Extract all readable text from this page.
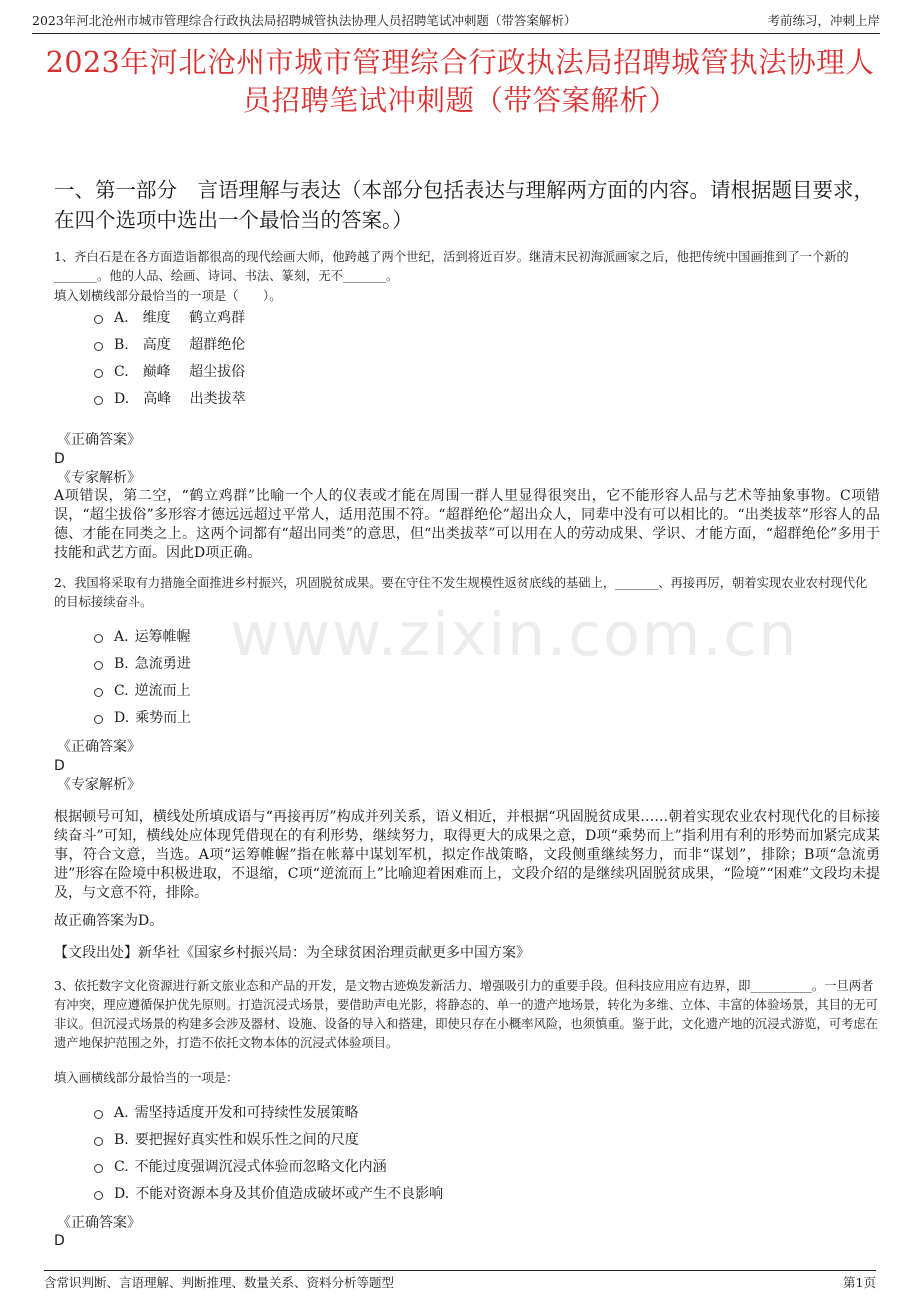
2023年河北沧州市城市管理综合行政执法局招聘城管执法协理人员招聘笔试冲刺题（带答案解析）	考前练习，冲刺上岸
2023年河北沧州市城市管理综合行政执法局招聘城管执法协理人员招聘笔试冲刺题（带答案解析）
一、第一部分　言语理解与表达（本部分包括表达与理解两方面的内容。请根据题目要求，在四个选项中选出一个最恰当的答案。）
www.zixin.com.cn
1、齐白石是在各方面造诣都很高的现代绘画大师，他跨越了两个世纪，活到将近百岁。继清末民初海派画家之后，他把传统中国画推到了一个新的_______。他的人品、绘画、诗词、书法、篆刻，无不_______。
填入划横线部分最恰当的一项是（　　）。
A. 维度　 鹤立鸡群
B. 高度　 超群绝伦
C. 巅峰　 超尘拔俗
D. 高峰　 出类拔萃
《正确答案》
D
《专家解析》
A项错误，第二空，“鹤立鸡群”比喻一个人的仪表或才能在周围一群人里显得很突出，它不能形容人品与艺术等抽象事物。C项错误，“超尘拔俗”多形容才德远远超过平常人，适用范围不符。“超群绝伦”超出众人，同辈中没有可以相比的。“出类拔萃”形容人的品德、才能在同类之上。这两个词都有“超出同类”的意思，但“出类拔萃”可以用在人的劳动成果、学识、才能方面，“超群绝伦”多用于技能和武艺方面。因此D项正确。
2、我国将采取有力措施全面推进乡村振兴，巩固脱贫成果。要在守住不发生规模性返贫底线的基础上，_______、再接再厉，朝着实现农业农村现代化的目标接续奋斗。
A. 运筹帷幄
B. 急流勇进
C. 逆流而上
D. 乘势而上
《正确答案》
D
《专家解析》
根据顿号可知，横线处所填成语与“再接再厉”构成并列关系，语义相近，并根据“巩固脱贫成果……朝着实现农业农村现代化的目标接续奋斗”可知，横线处应体现凭借现在的有利形势，继续努力，取得更大的成果之意，D项“乘势而上”指利用有利的形势而加紧完成某事，符合文意，当选。A项“运筹帷幄”指在帐幕中谋划军机，拟定作战策略，文段侧重继续努力，而非“谋划”，排除；B项“急流勇进”形容在险境中积极进取，不退缩，C项“逆流而上”比喻迎着困难而上，文段介绍的是继续巩固脱贫成果，“险境”“困难”文段均未提及，与文意不符，排除。
故正确答案为D。
【文段出处】新华社《国家乡村振兴局：为全球贫困治理贡献更多中国方案》
3、依托数字文化资源进行新文旅业态和产品的开发，是文物古迹焕发新活力、增强吸引力的重要手段。但科技应用应有边界，即__________。一旦两者有冲突，理应遵循保护优先原则。打造沉浸式场景，要借助声电光影，将静态的、单一的遗产地场景，转化为多维、立体、丰富的体验场景，其目的无可非议。但沉浸式场景的构建多会涉及器材、设施、设备的导入和搭建，即使只存在小概率风险，也须慎重。鉴于此，文化遗产地的沉浸式游览，可考虑在遗产地保护范围之外，打造不依托文物本体的沉浸式体验项目。
填入画横线部分最恰当的一项是：
A. 需坚持适度开发和可持续性发展策略
B. 要把握好真实性和娱乐性之间的尺度
C. 不能过度强调沉浸式体验而忽略文化内涵
D. 不能对资源本身及其价值造成破坏或产生不良影响
《正确答案》
D
含常识判断、言语理解、判断推理、数量关系、资料分析等题型	第1页
